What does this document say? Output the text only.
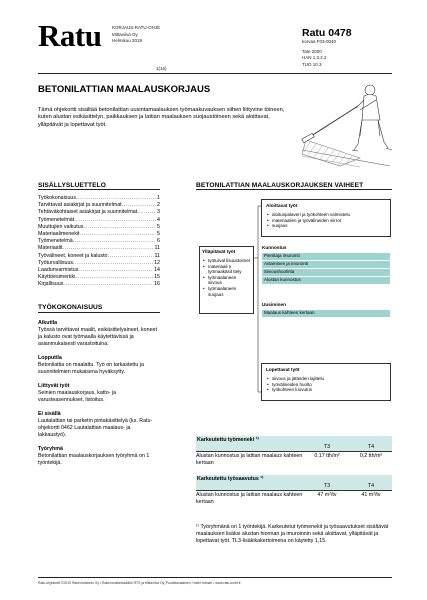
Ratu KORJAUS-RATU-OHJE
Mittaviiva Oy
Helmikuu 2019
Ratu 0478
korvaa F03-0040
Tate 2000
HAN 1.3.2.2
TUO 10.3
1(16)
BETONILATTIAN MAALAUSKORJAUS
Tämä ohjekortti sisältää betonilattian uusintamaalauksen työmaakuvauksen siihen liittyvine töineen, kuten alustan esikäsittelyn, paikkauksen ja lattian maalauksen suojaustöineen sekä aloittavat, ylläpitävät ja lopettavat työt.
SISÄLLYSLUETTELO
Työkokonaisuus .....	1
Tarvittavat asiakirjat ja suunnitelmat .....	2
Tehtäväkohtaiset asiakirjat ja suunnitelmat .....	3
Työmenetelmät .....	4
Muuttujien vaikutus .....	5
Materiaalimenekit .....	5
Työmenetelmä .....	6
Materiaalit .....	11
Työvälineet, koneet ja kalusto .....	11
Työturvallisuus .....	12
Laadunvarmistus .....	14
Käyttöesimerkki .....	15
Kirjallisuus .....	16
TYÖKOKONAISUUS
Aikutila
Työssä tarvittavat maalit, esikäsittelyaineet, koneet ja kalusto ovat työmaalla käytettävissä ja asianmukaisesti varastoituina.
Lopputila
Betonilattia on maalattu. Työ on tarkastettu ja suunnitelmien mukaisena hyväksytty.
Liittyvät työt
Seinien maalauskorjaus, katto- ja varusteasennukset, listoitus.
Ei sisällä
Lautalattian tai parketin pintakäsittelyä (ks. Ratu-ohjekortti 0462 Lautalattian maalaus- ja lakkaustyö).
Työryhmä
Betonilattian maalauskorjauksen työryhmä on 1 työntekijä.
BETONILATTIAN MAALAUSKORJAUKSEN VAIHEET
Ylläpitävät työt
• työturval lisuustoimet
• materiaali n työmaakäsit ttely
• työmaalaneen siivous
• työmaalaneen suojaus
Aloittavat työt
• aloituspalaveri ja työkohteen valmistelu
• materiaalien ja työvälineiden siirrot
• suojaus
Kunnostus
Pienttaja imurointi
Avtaminen ja imurointi
Siivoushuolinta
Alustan kunnostus
Uusiminen
Maalaus kahteen kertaan
Lopettavat työt
• siivous ja jätteiden lajittelu
• työvälineiden huolto
• työkohteen luovutus
Karkeutettu työmeneki ¹⁾
T3	T4
Alustan kunnostus ja lattian maalaus kahteen kertaan
0,17 tth/m²	0,2 tth/m²
Karkeutettu työsaavutus ¹⁾
T3	T4
Alustan kunnostus ja lattian maalaus kahteen kertaan
47 m²/tv	41 m²/tv
¹⁾ Työryhmänä on 1 työntekijä. Karkeutetut työmenekit ja työsaavutukset sisältävät maalauksen lisäksi alustan hionnan ja imuroinnin sekä aloittavat, ylläpitävät ja lopettavat työt. TL3-lisäkikakertoimena on käytetty 1,15.
Ratu-ohjekortit ©2019 Rakennustieto Oy • Rakennustietosäätiö RTS ja Mittaviiva Oy, Puolistavalainen, Hatti Hotman • www.ratu-kortit.fi
